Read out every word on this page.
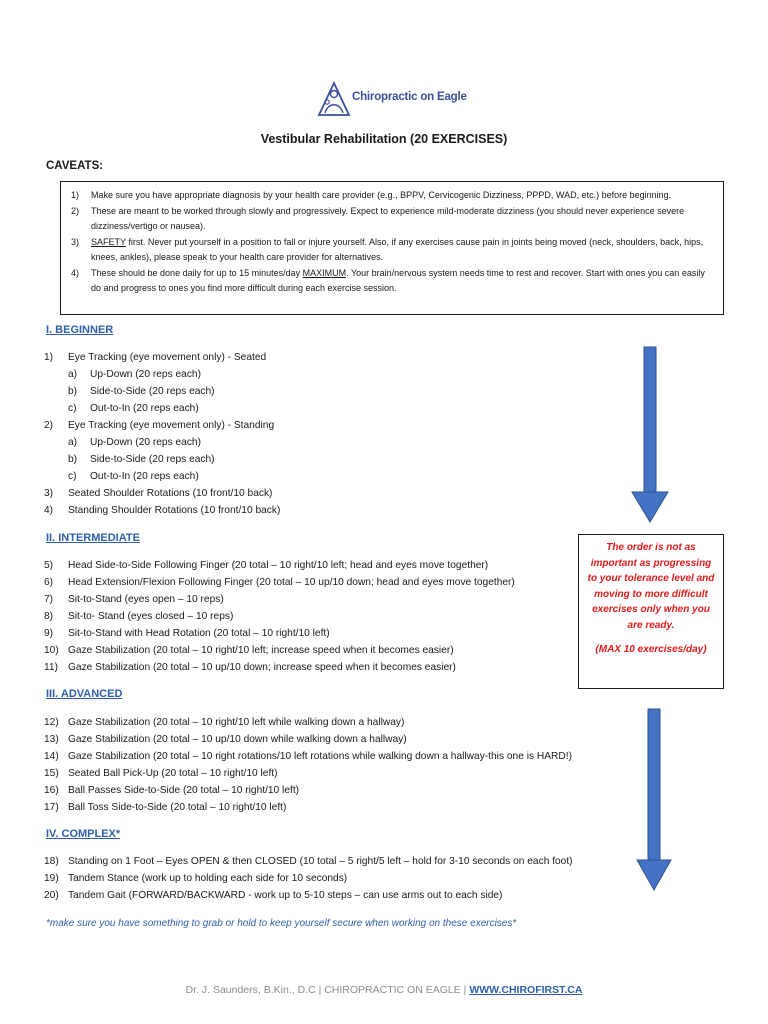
Chiropractic on Eagle
Vestibular Rehabilitation (20 EXERCISES)
CAVEATS:
1)	Make sure you have appropriate diagnosis by your health care provider (e.g., BPPV, Cervicogenic Dizziness, PPPD, WAD, etc.) before beginning.
2)	These are meant to be worked through slowly and progressively. Expect to experience mild-moderate dizziness (you should never experience severe dizziness/vertigo or nausea).
3)	SAFETY first. Never put yourself in a position to fall or injure yourself. Also, if any exercises cause pain in joints being moved (neck, shoulders, back, hips, knees, ankles), please speak to your health care provider for alternatives.
4)	These should be done daily for up to 15 minutes/day MAXIMUM. Your brain/nervous system needs time to rest and recover. Start with ones you can easily do and progress to ones you find more difficult during each exercise session.
I. BEGINNER
1)	Eye Tracking (eye movement only) - Seated
a)	Up-Down (20 reps each)
b)	Side-to-Side (20 reps each)
c)	Out-to-In (20 reps each)
2)	Eye Tracking (eye movement only) - Standing
a)	Up-Down (20 reps each)
b)	Side-to-Side (20 reps each)
c)	Out-to-In (20 reps each)
3)	Seated Shoulder Rotations (10 front/10 back)
4)	Standing Shoulder Rotations (10 front/10 back)
II. INTERMEDIATE
5)	Head Side-to-Side Following Finger (20 total – 10 right/10 left; head and eyes move together)
6)	Head Extension/Flexion Following Finger (20 total – 10 up/10 down; head and eyes move together)
7)	Sit-to-Stand (eyes open – 10 reps)
8)	Sit-to- Stand (eyes closed – 10 reps)
9)	Sit-to-Stand with Head Rotation (20 total – 10 right/10 left)
10) Gaze Stabilization (20 total – 10 right/10 left; increase speed when it becomes easier)
11) Gaze Stabilization (20 total – 10 up/10 down; increase speed when it becomes easier)
III. ADVANCED
12) Gaze Stabilization (20 total – 10 right/10 left while walking down a hallway)
13) Gaze Stabilization (20 total – 10 up/10 down while walking down a hallway)
14) Gaze Stabilization (20 total – 10 right rotations/10 left rotations while walking down a hallway-this one is HARD!)
15) Seated Ball Pick-Up (20 total – 10 right/10 left)
16) Ball Passes Side-to-Side (20 total – 10 right/10 left)
17) Ball Toss Side-to-Side (20 total – 10 right/10 left)
IV. COMPLEX*
18) Standing on 1 Foot – Eyes OPEN & then CLOSED (10 total – 5 right/5 left – hold for 3-10 seconds on each foot)
19) Tandem Stance (work up to holding each side for 10 seconds)
20) Tandem Gait (FORWARD/BACKWARD - work up to 5-10 steps – can use arms out to each side)
*make sure you have something to grab or hold to keep yourself secure when working on these exercises*
The order is not as important as progressing to your tolerance level and moving to more difficult exercises only when you are ready.
(MAX 10 exercises/day)
Dr. J. Saunders, B.Kin., D.C | CHIROPRACTIC ON EAGLE | WWW.CHIROFIRST.CA
